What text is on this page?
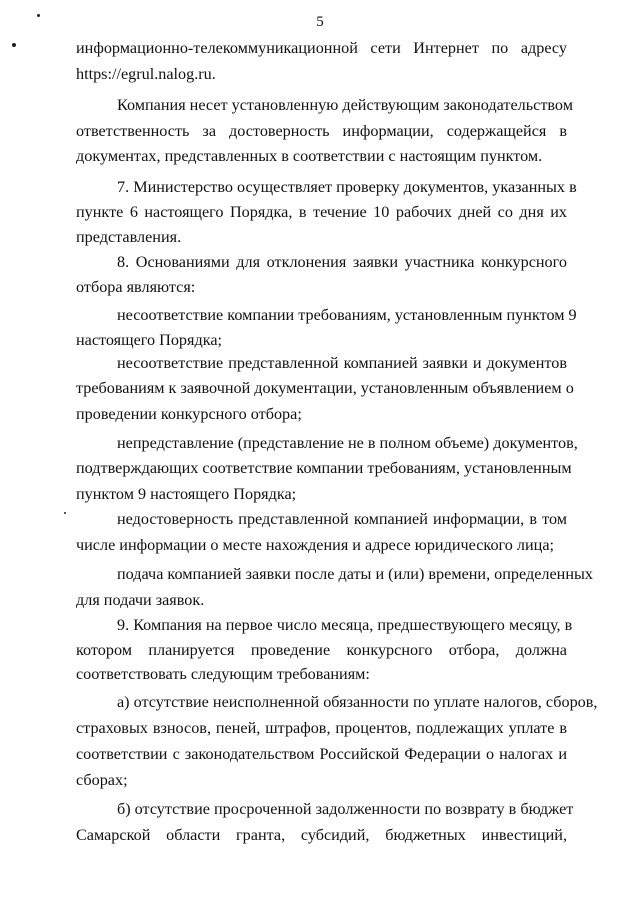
5

информационно-телекоммуникационной сети Интернет по адресу

https://egrul.nalog.ru.

Компания несет установленную действующим законодательством

ответственность за достоверность информации, содержащейся в

документах, представленных в соответствии с настоящим пунктом.

7. Министерство осуществляет проверку документов, указанных в

пункте 6 настоящего Порядка, в течение 10 рабочих дней со дня их

представления.

8. Основаниями для отклонения заявки участника конкурсного

отбора являются:

несоответствие компании требованиям, установленным пунктом 9

настоящего Порядка;

несоответствие представленной компанией заявки и документов

требованиям к заявочной документации, установленным объявлением о

проведении конкурсного отбора;

непредставление (представление не в полном объеме) документов,

подтверждающих соответствие компании требованиям, установленным

пунктом 9 настоящего Порядка;

недостоверность представленной компанией информации, в том

числе информации о месте нахождения и адресе юридического лица;

подача компанией заявки после даты и (или) времени, определенных

для подачи заявок.

9. Компания на первое число месяца, предшествующего месяцу, в

котором планируется проведение конкурсного отбора, должна

соответствовать следующим требованиям:

а) отсутствие неисполненной обязанности по уплате налогов, сборов,

страховых взносов, пеней, штрафов, процентов, подлежащих уплате в

соответствии с законодательством Российской Федерации о налогах и

сборах;

б) отсутствие просроченной задолженности по возврату в бюджет

Самарской области гранта, субсидий, бюджетных инвестиций,
